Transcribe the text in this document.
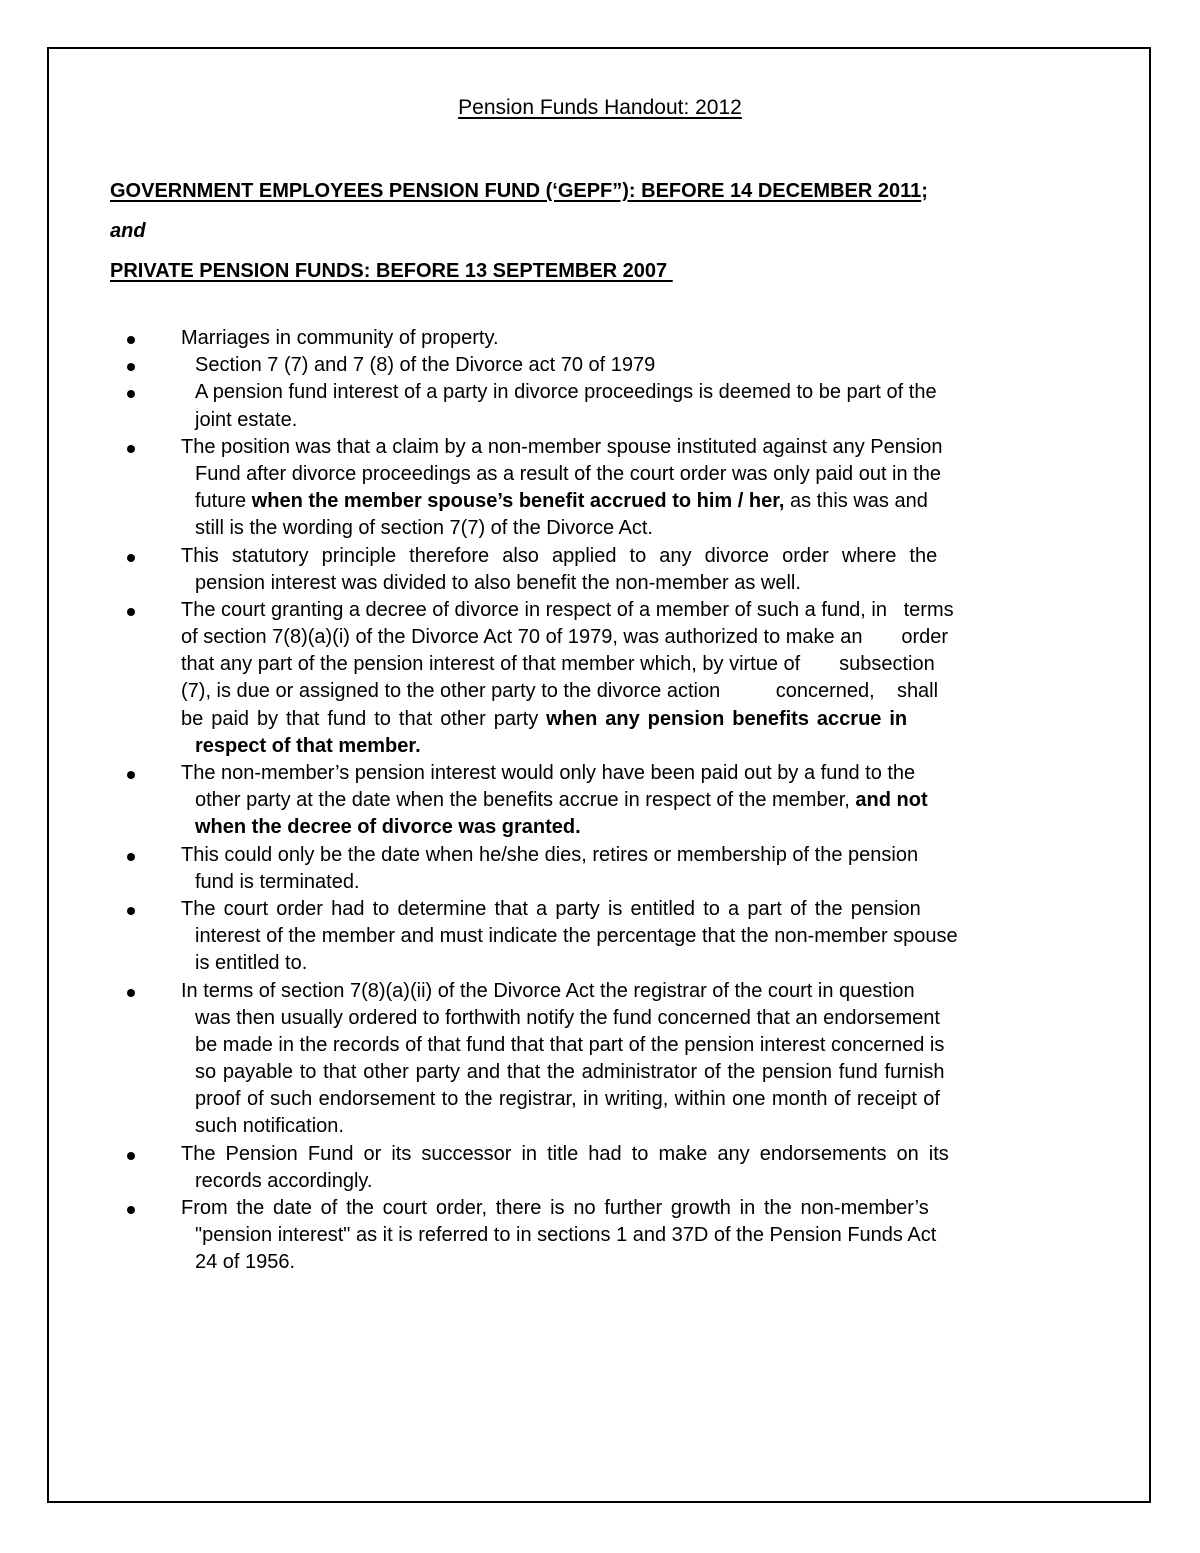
Pension Funds Handout: 2012
GOVERNMENT EMPLOYEES PENSION FUND (‘GEPF”): BEFORE 14 DECEMBER 2011;
and
PRIVATE PENSION FUNDS: BEFORE 13 SEPTEMBER 2007
Marriages in community of property.
Section 7 (7) and 7 (8) of the Divorce act 70 of 1979
A pension fund interest of a party in divorce proceedings is deemed to be part of the
joint estate.
The position was that a claim by a non-member spouse instituted against any Pension
Fund after divorce proceedings as a result of the court order was only paid out in the
future when the member spouse’s benefit accrued to him / her, as this was and
still is the wording of section 7(7) of the Divorce Act.
This statutory principle therefore also applied to any divorce order where the
pension interest was divided to also benefit the non-member as well.
The court granting a decree of divorce in respect of a member of such a fund, in   terms
of section 7(8)(a)(i) of the Divorce Act 70 of 1979, was authorized to make an       order
that any part of the pension interest of that member which, by virtue of       subsection
(7), is due or assigned to the other party to the divorce action          concerned,    shall
be paid by that fund to that other party when any pension benefits accrue in
respect of that member.
The non-member’s pension interest would only have been paid out by a fund to the
other party at the date when the benefits accrue in respect of the member, and not
when the decree of divorce was granted.
This could only be the date when he/she dies, retires or membership of the pension
fund is terminated.
The court order had to determine that a party is entitled to a part of the pension
interest of the member and must indicate the percentage that the non-member spouse
is entitled to.
In terms of section 7(8)(a)(ii) of the Divorce Act the registrar of the court in question
was then usually ordered to forthwith notify the fund concerned that an endorsement
be made in the records of that fund that that part of the pension interest concerned is
so payable to that other party and that the administrator of the pension fund furnish
proof of such endorsement to the registrar, in writing, within one month of receipt of
such notification.
The Pension Fund or its successor in title had to make any endorsements on its
records accordingly.
From the date of the court order, there is no further growth in the non-member’s
"pension interest" as it is referred to in sections 1 and 37D of the Pension Funds Act
24 of 1956.
